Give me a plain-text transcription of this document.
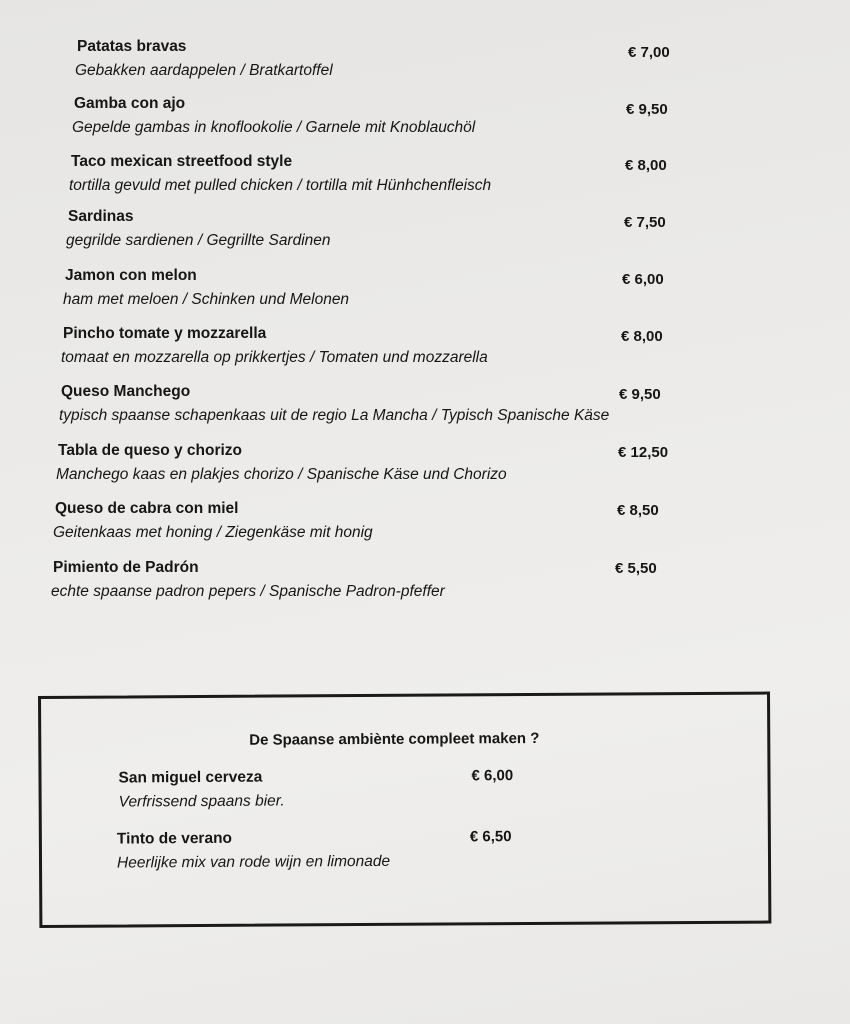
Patatas bravas
Gebakken aardappelen / Bratkartoffel
€ 7,00
Gamba con ajo
Gepelde gambas in knoflookolie / Garnele mit Knoblauchöl
€ 9,50
Taco mexican streetfood style
tortilla gevuld met pulled chicken / tortilla mit Hünhchenfleisch
€ 8,00
Sardinas
gegrilde sardienen / Gegrillte Sardinen
€ 7,50
Jamon con melon
ham met meloen / Schinken und Melonen
€ 6,00
Pincho tomate y mozzarella
tomaat en mozzarella op prikkertjes / Tomaten und mozzarella
€ 8,00
Queso Manchego
typisch spaanse schapenkaas uit de regio La Mancha / Typisch Spanische Käse
€ 9,50
Tabla de queso y chorizo
Manchego kaas en plakjes chorizo / Spanische Käse und Chorizo
€ 12,50
Queso de cabra con miel
Geitenkaas met honing / Ziegenkäse mit honig
€ 8,50
Pimiento de Padrón
echte spaanse padron pepers / Spanische Padron-pfeffer
€ 5,50
De Spaanse ambiènte compleet maken ?
San miguel cerveza
Verfrissend spaans bier.
€ 6,00
Tinto de verano
Heerlijke mix van rode wijn en limonade
€ 6,50
